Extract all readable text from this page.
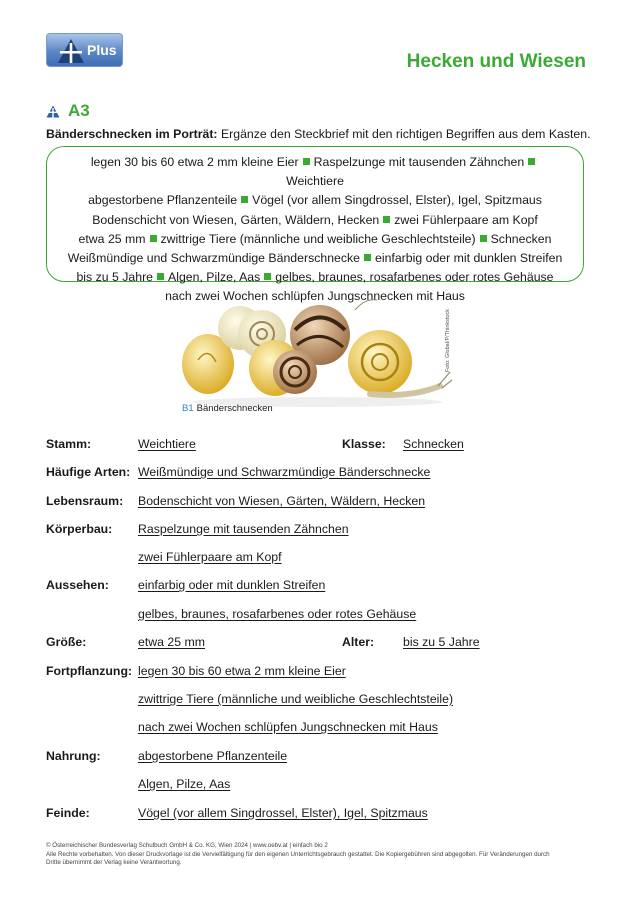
Plus
Hecken und Wiesen
A3
Bänderschnecken im Porträt: Ergänze den Steckbrief mit den richtigen Begriffen aus dem Kasten.
legen 30 bis 60 etwa 2 mm kleine Eier Raspelzunge mit tausenden ZähnchenWeichtiere
abgestorbene Pflanzenteile Vögel (vor allem Singdrossel, Elster), Igel, Spitzmaus
Bodenschicht von Wiesen, Gärten, Wäldern, Hecken zwei Fühlerpaare am Kopf
etwa 25 mm zwittrige Tiere (männliche und weibliche Geschlechtsteile) Schnecken
Weißmündige und Schwarzmündige Bänderschnecke einfarbig oder mit dunklen Streifen
bis zu 5 Jahre Algen, Pilze, Aas gelbes, braunes, rosafarbenes oder rotes Gehäuse
nach zwei Wochen schlüpfen Jungschnecken mit Haus
Foto: Global/P/Thinkstock
B1 Bänderschnecken
Stamm:	Weichtiere	Klasse: Schnecken
Häufige Arten: Weißmündige und Schwarzmündige Bänderschnecke
Lebensraum: Bodenschicht von Wiesen, Gärten, Wäldern, Hecken
Körperbau: Raspelzunge mit tausenden Zähnchen
zwei Fühlerpaare am Kopf
Aussehen: einfarbig oder mit dunklen Streifen
gelbes, braunes, rosafarbenes oder rotes Gehäuse
Größe:	etwa 25 mm	Alter: bis zu 5 Jahre
Fortpflanzung: legen 30 bis 60 etwa 2 mm kleine Eier
zwittrige Tiere (männliche und weibliche Geschlechtsteile)
nach zwei Wochen schlüpfen Jungschnecken mit Haus
Nahrung:	abgestorbene Pflanzenteile
Algen, Pilze, Aas
Feinde:	Vögel (vor allem Singdrossel, Elster), Igel, Spitzmaus
© Österreichischer Bundesverlag Schulbuch GmbH & Co. KG, Wien 2024 | www.oebv.at | einfach bio 2
Alle Rechte vorbehalten. Von dieser Druckvorlage ist die Vervielfältigung für den eigenen Unterrichtsgebrauch gestattet. Die Kopiergebühren sind abgegolten. Für Veränderungen durch
Dritte übernimmt der Verlag keine Verantwortung.
